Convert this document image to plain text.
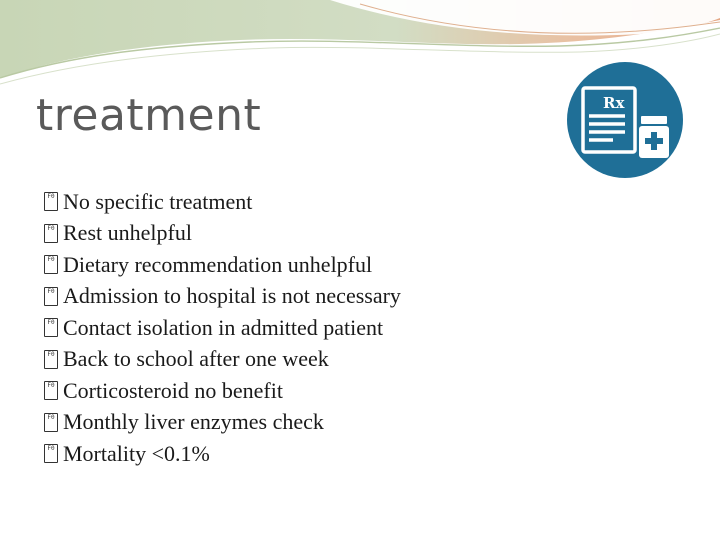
treatment	Rx
F0 No specific treatment
F0 Rest unhelpful
F0 Dietary recommendation unhelpful
F0 Admission to hospital is not necessary
F0 Contact isolation in admitted patient
F0 Back to school after one week
F0 Corticosteroid no benefit
F0 Monthly liver enzymes check
F0 Mortality <0.1%
